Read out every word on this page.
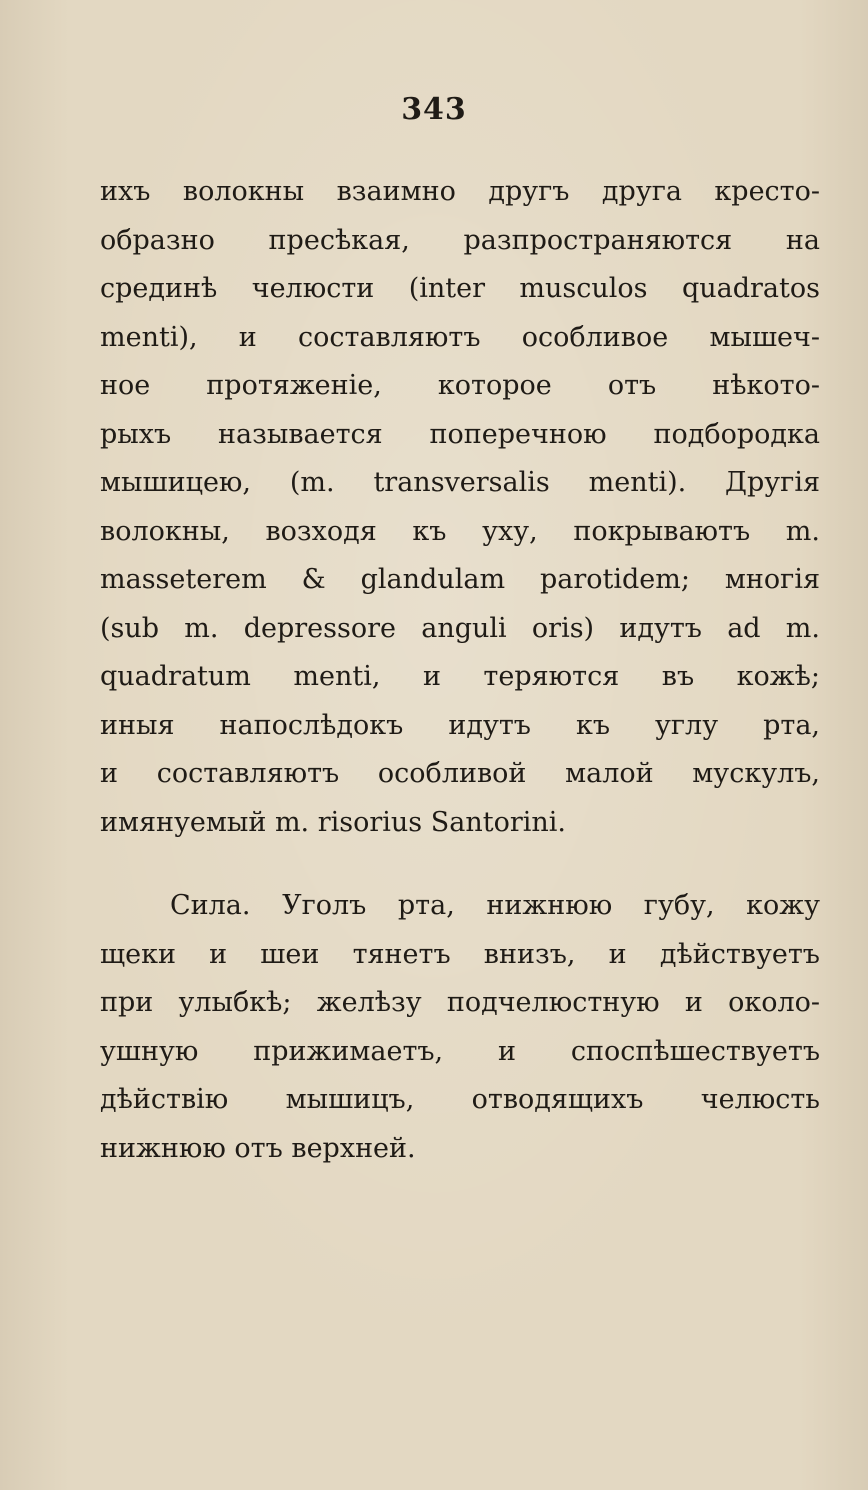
343
ихъ волокны взаимно другъ друга кресто-
образно пресѣкая, разпространяются на
срединѣ челюсти (inter musculos quadratos
menti), и составляютъ особливое мышеч-
ное протяженіе, которое отъ нѣкото-
рыхъ называется поперечною подбородка
мышицею, (m. transversalis menti). Другія
волокны, возходя къ уху, покрываютъ m.
masseterem & glandulam parotidem; многія
(sub m. depressore anguli oris) идутъ ad m.
quadratum menti, и теряются въ кожѣ;
иныя напослѣдокъ идутъ къ углу рта,
и составляютъ особливой малой мускулъ,
имянуемый m. risorius Santorini.
Сила. Уголъ рта, нижнюю губу, кожу
щеки и шеи тянетъ внизъ, и дѣйствуетъ
при улыбкѣ; желѣзу подчелюстную и около-
ушную прижимаетъ, и споспѣшествуетъ
дѣйствію мышицъ, отводящихъ челюсть
нижнюю отъ верхней.
